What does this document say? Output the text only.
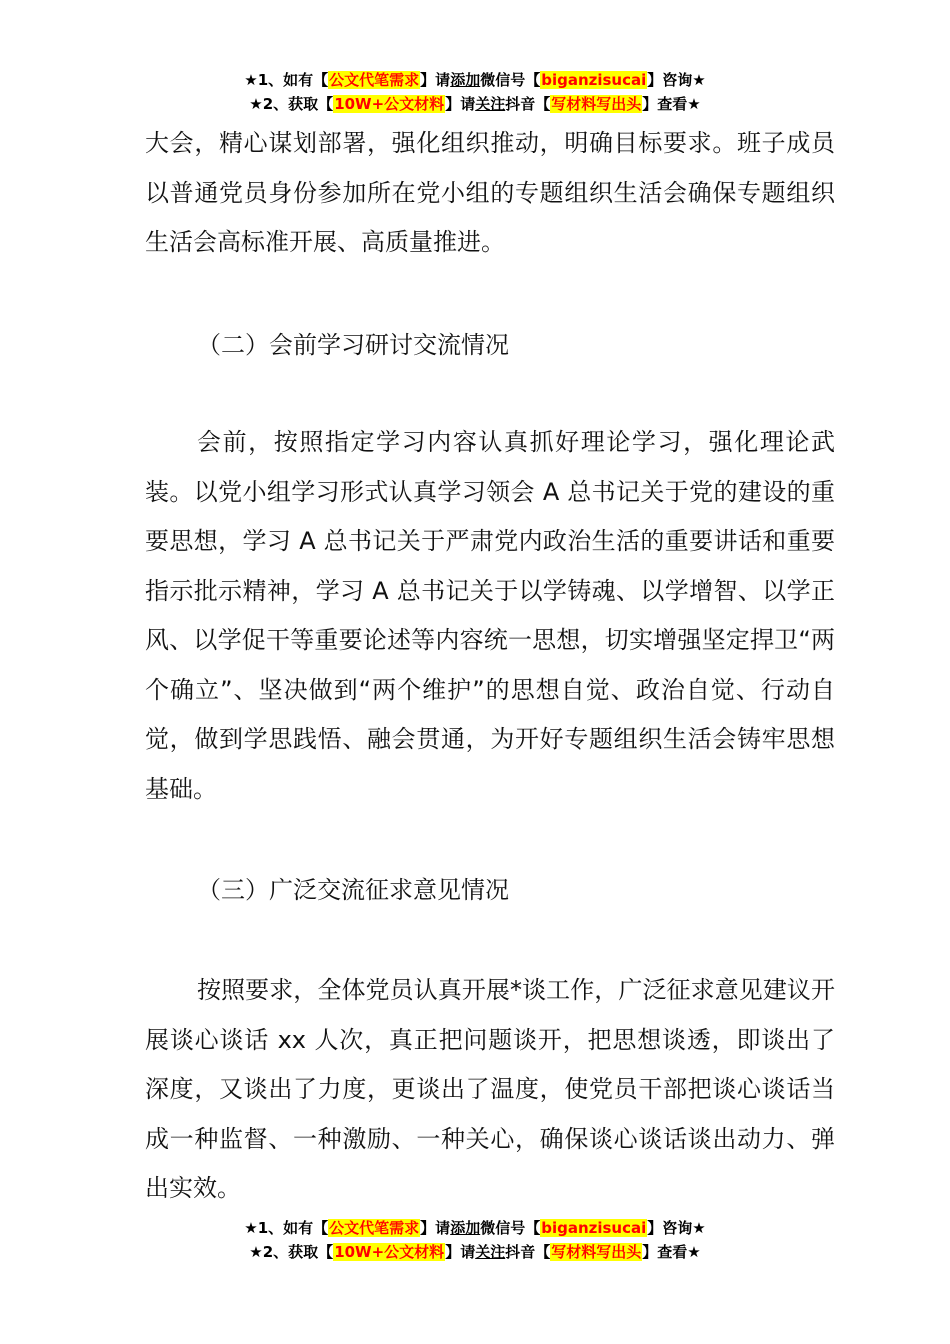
★1、如有【公文代笔需求】请添加微信号【biganzisucai】咨询★
★2、获取【10W+公文材料】请关注抖音【写材料写出头】查看★
大会，精心谋划部署，强化组织推动，明确目标要求。班子成员以普通党员身份参加所在党小组的专题组织生活会确保专题组织生活会高标准开展、高质量推进。
（二）会前学习研讨交流情况
会前，按照指定学习内容认真抓好理论学习，强化理论武装。以党小组学习形式认真学习领会 A 总书记关于党的建设的重要思想，学习 A 总书记关于严肃党内政治生活的重要讲话和重要指示批示精神，学习 A 总书记关于以学铸魂、以学增智、以学正风、以学促干等重要论述等内容统一思想，切实增强坚定捍卫“两个确立”、坚决做到“两个维护”的思想自觉、政治自觉、行动自觉，做到学思践悟、融会贯通，为开好专题组织生活会铸牢思想基础。
（三）广泛交流征求意见情况
按照要求，全体党员认真开展*谈工作，广泛征求意见建议开展谈心谈话 xx 人次，真正把问题谈开，把思想谈透，即谈出了深度，又谈出了力度，更谈出了温度，使党员干部把谈心谈话当成一种监督、一种激励、一种关心，确保谈心谈话谈出动力、弹出实效。
★1、如有【公文代笔需求】请添加微信号【biganzisucai】咨询★
★2、获取【10W+公文材料】请关注抖音【写材料写出头】查看★
